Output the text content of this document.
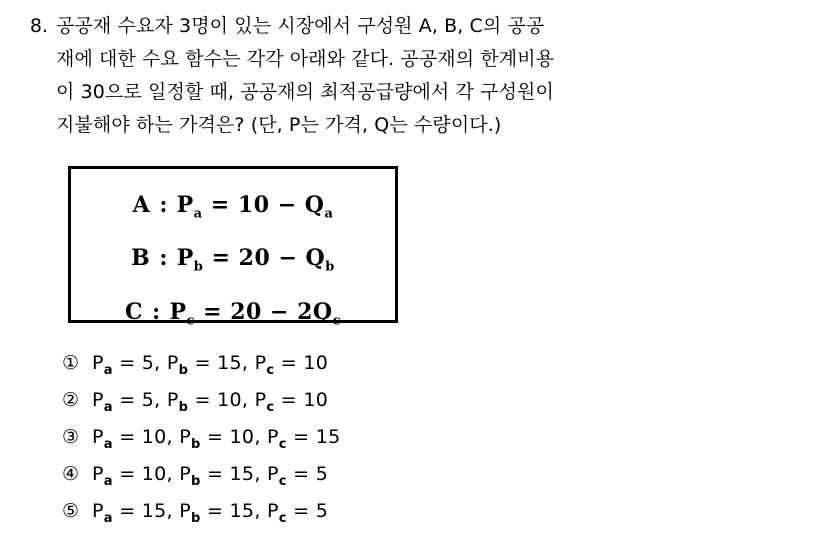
8. 공공재 수요자 3명이 있는 시장에서 구성원 A, B, C의 공공
재에 대한 수요 함수는 각각 아래와 같다. 공공재의 한계비용
이 30으로 일정할 때, 공공재의 최적공급량에서 각 구성원이
지불해야 하는 가격은? (단, P는 가격, Q는 수량이다.)
A : $P_a = 10 - Q_a$
B : $P_b = 20 - Q_b$
C : $P_c = 20 - 2Q_c$
① $P_a = 5$, $P_b = 15$, $P_c = 10$
② $P_a = 5$, $P_b = 10$, $P_c = 10$
③ $P_a = 10$, $P_b = 10$, $P_c = 15$
④ $P_a = 10$, $P_b = 15$, $P_c = 5$
⑤ $P_a = 15$, $P_b = 15$, $P_c = 5$
